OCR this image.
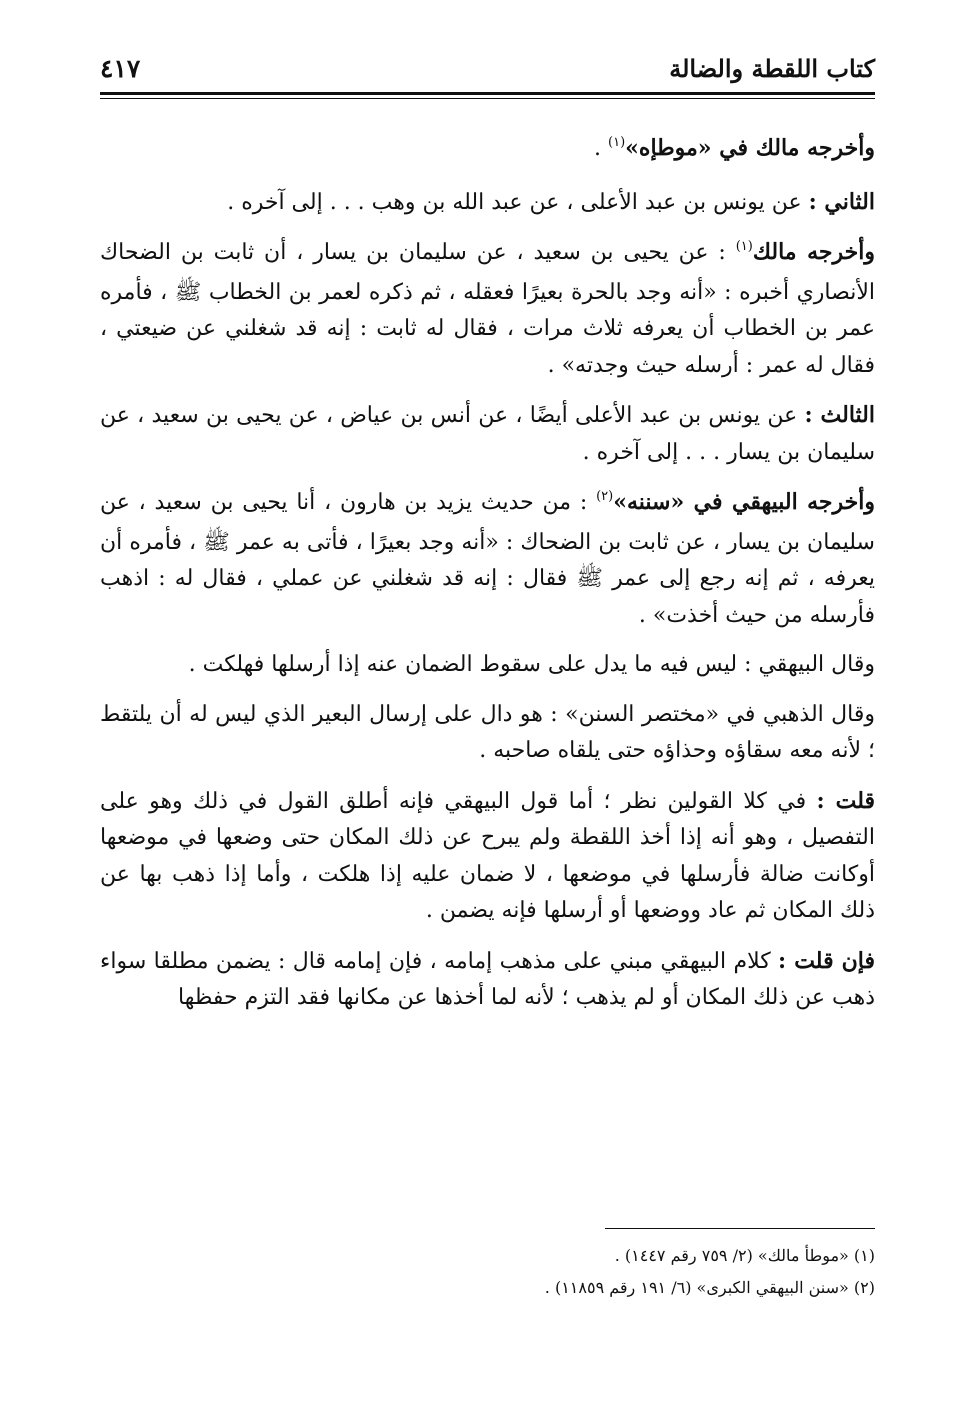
كتاب اللقطة والضالة
٤١٧

وأخرجه مالك في «موطإه»$^{(١)}$ .

الثاني : عن يونس بن عبد الأعلى ، عن عبد الله بن وهب . . . إلى آخره .

وأخرجه مالك$^{(١)}$ : عن يحيى بن سعيد ، عن سليمان بن يسار ، أن ثابت بن الضحاك الأنصاري أخبره : «أنه وجد بالحرة بعيرًا فعقله ، ثم ذكره لعمر بن الخطاب ﷺ ، فأمره عمر بن الخطاب أن يعرفه ثلاث مرات ، فقال له ثابت : إنه قد شغلني عن ضيعتي ، فقال له عمر : أرسله حيث وجدته» .

الثالث : عن يونس بن عبد الأعلى أيضًا ، عن أنس بن عياض ، عن يحيى بن سعيد ، عن سليمان بن يسار . . . إلى آخره .

وأخرجه البيهقي في «سننه»$^{(٢)}$ : من حديث يزيد بن هارون ، أنا يحيى بن سعيد ، عن سليمان بن يسار ، عن ثابت بن الضحاك : «أنه وجد بعيرًا ، فأتى به عمر ﷺ ، فأمره أن يعرفه ، ثم إنه رجع إلى عمر ﷺ فقال : إنه قد شغلني عن عملي ، فقال له : اذهب فأرسله من حيث أخذت» .

وقال البيهقي : ليس فيه ما يدل على سقوط الضمان عنه إذا أرسلها فهلكت .

وقال الذهبي في «مختصر السنن» : هو دال على إرسال البعير الذي ليس له أن يلتقط ؛ لأنه معه سقاؤه وحذاؤه حتى يلقاه صاحبه .

قلت : في كلا القولين نظر ؛ أما قول البيهقي فإنه أطلق القول في ذلك وهو على التفصيل ، وهو أنه إذا أخذ اللقطة ولم يبرح عن ذلك المكان حتى وضعها في موضعها أوكانت ضالة فأرسلها في موضعها ، لا ضمان عليه إذا هلكت ، وأما إذا ذهب بها عن ذلك المكان ثم عاد ووضعها أو أرسلها فإنه يضمن .

فإن قلت : كلام البيهقي مبني على مذهب إمامه ، فإن إمامه قال : يضمن مطلقا سواء ذهب عن ذلك المكان أو لم يذهب ؛ لأنه لما أخذها عن مكانها فقد التزم حفظها

(١) «موطأ مالك» (٢/ ٧٥٩ رقم ١٤٤٧) .

(٢) «سنن البيهقي الكبرى» (٦/ ١٩١ رقم ١١٨٥٩) .
